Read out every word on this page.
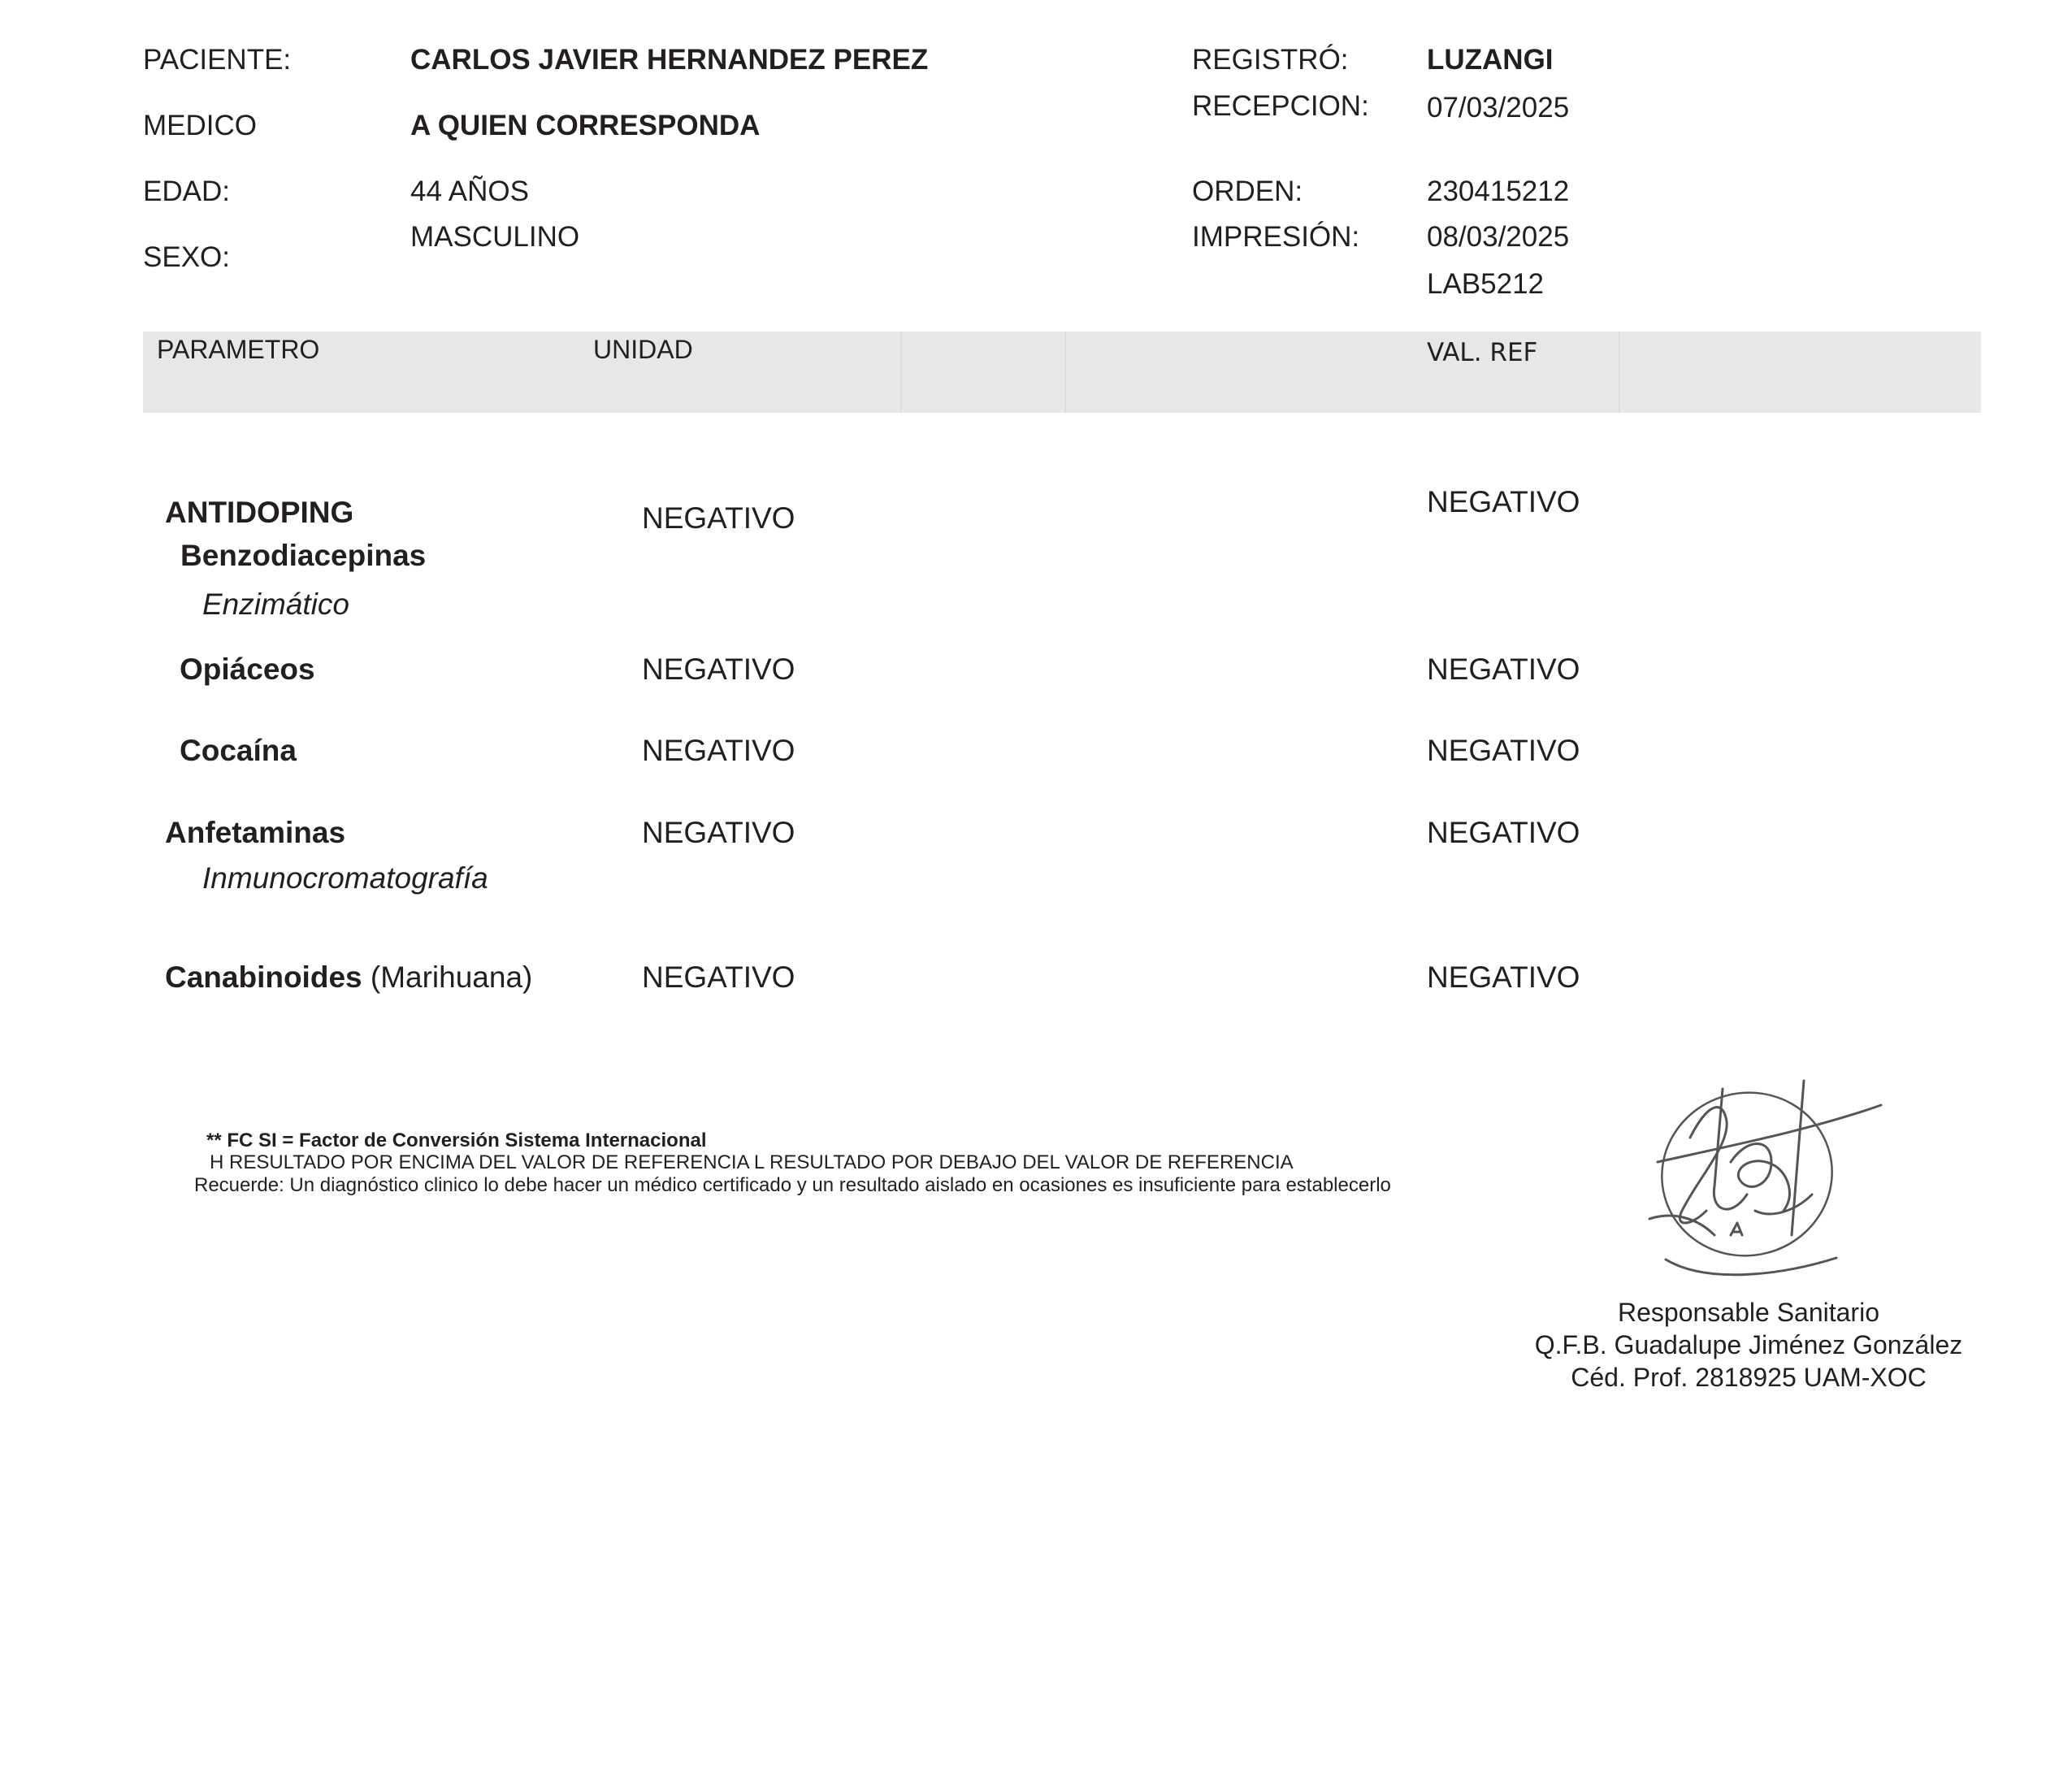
PACIENTE:	CARLOS JAVIER HERNANDEZ PEREZ
MEDICO	A QUIEN CORRESPONDA
EDAD:	44 AÑOS
SEXO:
MASCULINO
REGISTRÓ:	LUZANGI
RECEPCION: 07/03/2025
ORDEN:	230415212
IMPRESIÓN: 08/03/2025
LAB5212
PARAMETRO	UNIDAD	VAL. REF
ANTIDOPING	NEGATIVO	NEGATIVO
Benzodiacepinas
Enzimático
Opiáceos	NEGATIVO	NEGATIVO
Cocaína	NEGATIVO	NEGATIVO
Anfetaminas	NEGATIVO	NEGATIVO
Inmunocromatografía
Canabinoides (Marihuana)	NEGATIVO	NEGATIVO
** FC SI = Factor de Conversión Sistema Internacional
H RESULTADO POR ENCIMA DEL VALOR DE REFERENCIA L RESULTADO POR DEBAJO DEL VALOR DE REFERENCIA
Recuerde: Un diagnóstico clinico lo debe hacer un médico certificado y un resultado aislado en ocasiones es insuficiente para establecerlo
Responsable Sanitario
Q.F.B. Guadalupe Jiménez González
Céd. Prof. 2818925 UAM-XOC
